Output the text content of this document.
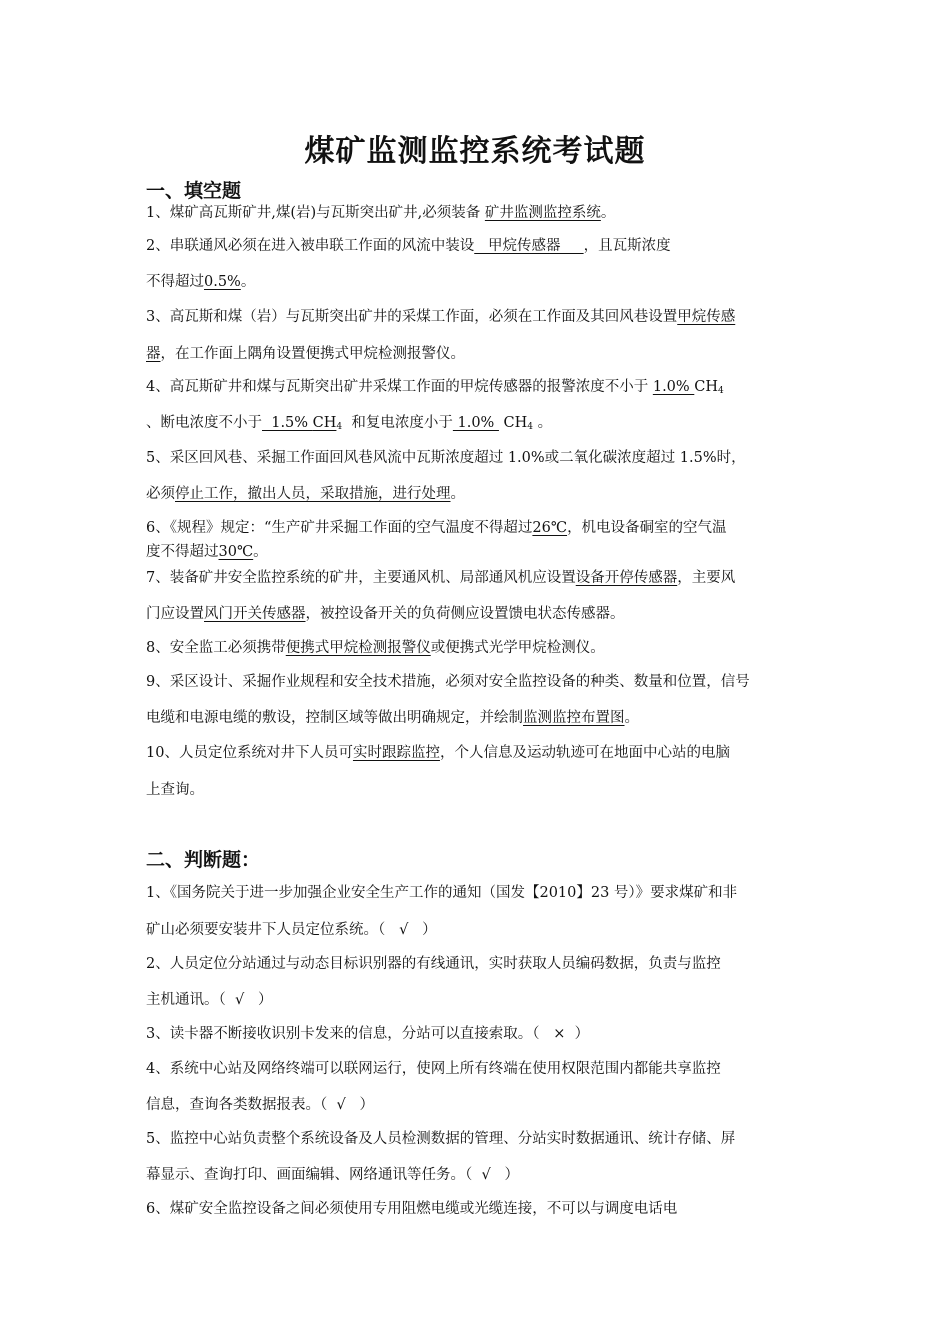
煤矿监测监控系统考试题
一、填空题
1、煤矿高瓦斯矿井,煤(岩)与瓦斯突出矿井,必须装备 矿井监测监控系统。
2、串联通风必须在进入被串联工作面的风流中装设   甲烷传感器     ，且瓦斯浓度
不得超过0.5%。
3、高瓦斯和煤（岩）与瓦斯突出矿井的采煤工作面，必须在工作面及其回风巷设置甲烷传感
器，在工作面上隅角设置便携式甲烷检测报警仪。
4、高瓦斯矿井和煤与瓦斯突出矿井采煤工作面的甲烷传感器的报警浓度不小于 1.0% $CH_4$
、断电浓度不小于  1.5% $CH_4$  和复电浓度小于 1.0%  $CH_4$ 。
5、采区回风巷、采掘工作面回风巷风流中瓦斯浓度超过 1.0%或二氧化碳浓度超过 1.5%时，
必须停止工作，撤出人员，采取措施，进行处理。
6、《规程》规定：“生产矿井采掘工作面的空气温度不得超过26℃，机电设备硐室的空气温
度不得超过30℃。
7、装备矿井安全监控系统的矿井，主要通风机、局部通风机应设置设备开停传感器，主要风
门应设置风门开关传感器，被控设备开关的负荷侧应设置馈电状态传感器。
8、安全监工必须携带便携式甲烷检测报警仪或便携式光学甲烷检测仪。
9、采区设计、采掘作业规程和安全技术措施，必须对安全监控设备的种类、数量和位置，信号
电缆和电源电缆的敷设，控制区域等做出明确规定，并绘制监测监控布置图。
10、人员定位系统对井下人员可实时跟踪监控，个人信息及运动轨迹可在地面中心站的电脑
上查询。
二、判断题：
1、《国务院关于进一步加强企业安全生产工作的通知（国发【2010】23 号）》要求煤矿和非
矿山必须要安装井下人员定位系统。（   √   ）
2、人员定位分站通过与动态目标识别器的有线通讯，实时获取人员编码数据，负责与监控
主机通讯。（  √   ）
3、读卡器不断接收识别卡发来的信息，分站可以直接索取。（   ×  ）
4、系统中心站及网络终端可以联网运行，使网上所有终端在使用权限范围内都能共享监控
信息，查询各类数据报表。（  √   ）
5、监控中心站负责整个系统设备及人员检测数据的管理、分站实时数据通讯、统计存储、屏
幕显示、查询打印、画面编辑、网络通讯等任务。（  √   ）
6、煤矿安全监控设备之间必须使用专用阻燃电缆或光缆连接，不可以与调度电话电
